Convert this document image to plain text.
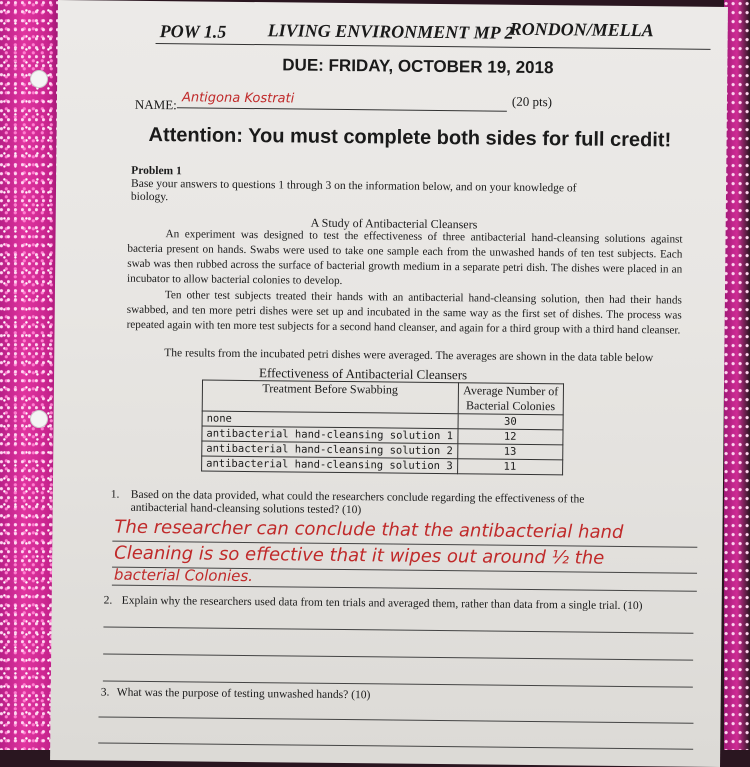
POW 1.5 LIVING ENVIRONMENT MP 2
RONDON/MELLA
DUE: FRIDAY, OCTOBER 19, 2018
NAME: Antigona Kostrati	(20 pts)
Attention: You must complete both sides for full credit!
Problem 1
Base your answers to questions 1 through 3 on the information below, and on your knowledge of
biology.
A Study of Antibacterial Cleansers
An experiment was designed to test the effectiveness of three antibacterial hand-cleansing solutions against bacteria present on hands. Swabs were used to take one sample each from the unwashed hands of ten test subjects. Each swab was then rubbed across the surface of bacterial growth medium in a separate petri dish. The dishes were placed in an incubator to allow bacterial colonies to develop.
Ten other test subjects treated their hands with an antibacterial hand-cleansing solution, then had their hands swabbed, and ten more petri dishes were set up and incubated in the same way as the first set of dishes. The process was repeated again with ten more test subjects for a second hand cleanser, and again for a third group with a third hand cleanser.
The results from the incubated petri dishes were averaged. The averages are shown in the data table below
Effectiveness of Antibacterial Cleansers
Treatment Before Swabbing	Average Number of
Bacterial Colonies

none	30
antibacterial hand-cleansing solution 1	12
antibacterial hand-cleansing solution 2	13
antibacterial hand-cleansing solution 3	11
1. Based on the data provided, what could the researchers conclude regarding the effectiveness of the
antibacterial hand-cleansing solutions tested? (10)
The researcher can conclude that the antibacterial hand
Cleaning is so effective that it wipes out around ½ the
bacterial Colonies.
2. Explain why the researchers used data from ten trials and averaged them, rather than data from a single trial. (10)
3. What was the purpose of testing unwashed hands? (10)
